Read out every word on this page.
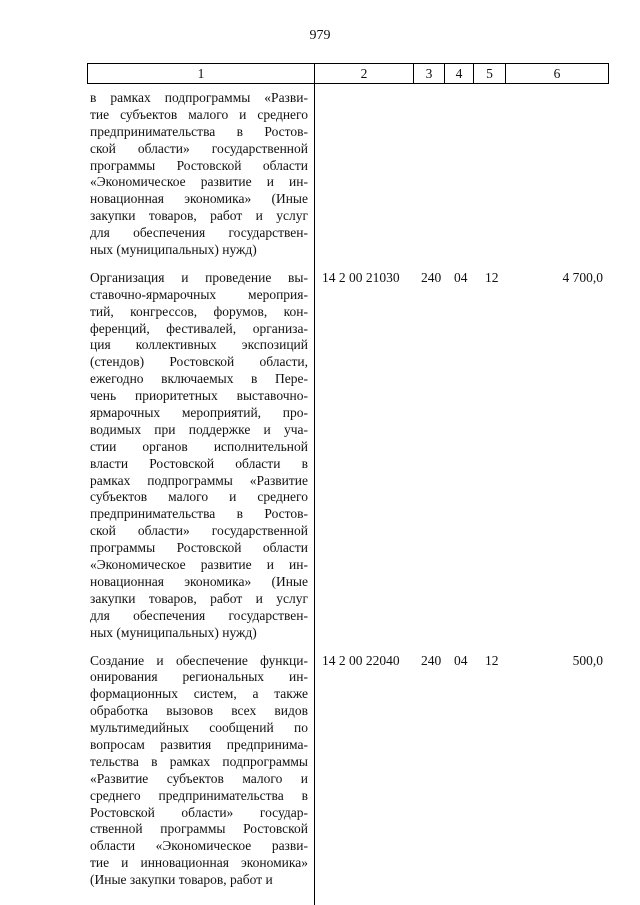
979
1	2	3	4	5	6
в рамках подпрограммы «Разви-
тие субъектов малого и среднего
предпринимательства в Ростов-
ской области» государственной
программы Ростовской области
«Экономическое развитие и ин-
новационная экономика» (Иные
закупки товаров, работ и услуг
для обеспечения государствен-
ных (муниципальных) нужд)
Организация и проведение вы-
ставочно-ярмарочных мероприя-
тий, конгрессов, форумов, кон-
ференций, фестивалей, организа-
ция коллективных экспозиций
(стендов) Ростовской области,
ежегодно включаемых в Пере-
чень приоритетных выставочно-
ярмарочных мероприятий, про-
водимых при поддержке и уча-
стии органов исполнительной
власти Ростовской области в
рамках подпрограммы «Развитие
субъектов малого и среднего
предпринимательства в Ростов-
ской области» государственной
программы Ростовской области
«Экономическое развитие и ин-
новационная экономика» (Иные
закупки товаров, работ и услуг
для обеспечения государствен-
ных (муниципальных) нужд)
14 2 00 21030 240 04 12	4 700,0
Создание и обеспечение функци-
онирования региональных ин-
формационных систем, а также
обработка вызовов всех видов
мультимедийных сообщений по
вопросам развития предпринима-
тельства в рамках подпрограммы
«Развитие субъектов малого и
среднего предпринимательства в
Ростовской области» государ-
ственной программы Ростовской
области «Экономическое разви-
тие и инновационная экономика»
(Иные закупки товаров, работ и
14 2 00 22040 240 04 12	500,0
